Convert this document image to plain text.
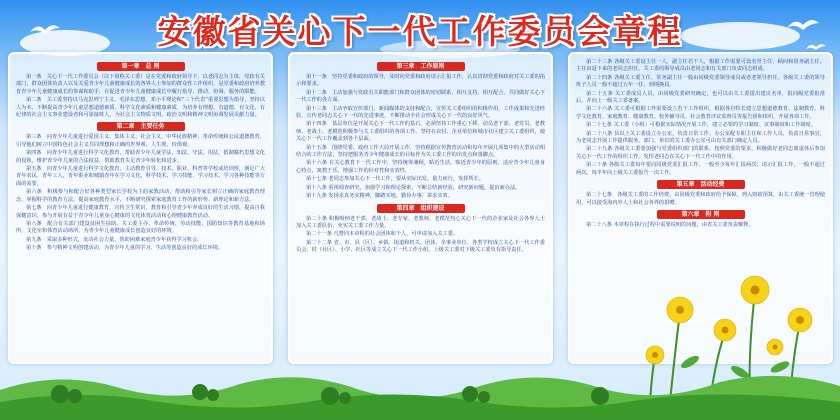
安徽省关心下一代工作委员会章程
第一章　总 则

第一条　关心下一代工作委员会（以下简称关工委）是在党委和政府领导下，以老同志为主体，党政有关部门、群众团体负责人以及关爱青少年儿童健康成长的各界人士参加的群众性工作组织，是党委和政府培养教育青少年儿童健康成长的参谋和助手，在促进青少年儿童健康成长中履行指导、推动、协调、服务的职能。

第二条　关工委坚持以马克思列宁主义、毛泽东思想、邓小平理论和“三个代表”重要思想为指导，坚持以人为本，不断提高青少年儿童思想道德素质、科学文化素质和健康素质，为培养有理想、有道德、有文化、有纪律的社会主义事业建设者和可靠接班人，为社会主义物质文明、政治文明和精神文明协调发展贡献力量。

第二章　主要任务

第三条　向青少年儿童进行爱国主义、集体主义、社会主义、中华民族精神、革命传统和公民道德教育，引导他们树立中国特色社会主义共同理想和正确的世界观、人生观、价值观。

第四条　向青少年儿童进行科学文化教育，帮助青少年儿童学法、知法、守法、用法，抵制腐朽思想文化的侵蚀，维护青少年儿童的合法权益，帮助教育失足青少年转化和进步。

第五条　向青少年儿童进行科学文化教育，主动教育引导、技术、职业、科普等学校或培训班，满足广大青年农民、青年工人，青年职业和城镇青年在学习文化、科学技术、学习技能、学习技术、学习各种技能等方面的需要。

第六条　积极参与和配合好各种类型家长学校为主的家教活动，帮助和引导家长树立正确的家庭教育理念，掌握科学的教育方法，提高家庭教育水平，不断研究探索家庭教育工作的新形势、新理论和新方法。

第七条　向青少年儿童进行健康教育，宣传卫生常识，教育和引导青少年养成良好的生活习惯，提高自我保健意识，参与开展有益于青少年儿童身心健康的文化体育活动和心理健康教育活动。

第八条　配合有关部门建设贫困生扶助、关工委主办、革命传统、劳动技能、国防知识等教育基地和场所，文化室和体育活动场所，为青少年儿童健康成长创造良好的环境。

第九条　采取多种形式，发动社会力量，帮助困难家庭青少年获得学习机会。

第十条　参与精神文明创建活动，为青少年儿童的学习、生活等创造良好的成长环境。

第三章　工作原则

第十一条　坚持党委和政府的领导，及时向党委和政府请示汇报工作，认真贯彻党委和政府对关工委的指示和要求。

第十二条　主动加强与党政有关职能部门和群众团体的密切联系，相互支持，相互配合，共同做好关心下一代工作的各方面。

第十三条　主动争取宣传部门、新闻媒体的支持和配合，宣传关工委组织的积极作用，工作成果和先进经验，宣传老同志关心下一代的先进事迹，不断推动全社会形成关心下一代的良好风气。

第十四条　基层单位是开展关心下一代工作的基石，必须坚持工作重心下移。动员老干部、老党员、老教师、老战士、老模范积极参与关工委组织的各项工作。坚持在农村、企业单位和城市社区建立关工委组织，使关心下一代工作覆盖到各个层面。

第十五条　围绕党委、政府工作大局开展工作，坚持根据宣传教育活动和每年开展几项集中的大型活动相结合的工作方法，坚持把服务青少年健康成长的目标作为关工委工作的出发点和落脚点。

第十六条 在关心教育下一代工作中，坚持统筹兼顾，贴近生活、贴近青少年的原则，适应青少年儿童身心特点，寓教于乐，增强工作的针对性和实效性。

第十七条 老同志参加关心下一代工作，要从实际出发，量力而行，发挥所长。

第十八条 重视调查研究，加强学习和理论探索，不断总结新经验，研究新问题，提出新办法。

第十九条 发扬求真务实精神，脚踏实地，勤俭办事，讲求实效。

第四章　组织建设

第二十条 积极吸纳老干部、老战士、老专家、老教师、老模范热心关心下一代的企业家及社会各界人士加入关工委队伍，充实关工委工作力量。

第二十一条 凡赞同本章程的社会团体和个人，可申请加入关工委。

第二十二条 省、市、县（区）、乡镇、街道和机关、团体、企事业单位、各类学校成立关心下一代工作委员会，村（社区）、小学、社区等成立关心下一代工作小组。上级关工委对下级关工委负有指导责任。

第二十三条 各级关工委设主任一人，副主任若干人，根据工作需要可设名誉主任、顾问和常务副主任。主任由退下来的老同志担任，关工委的领导成员由老同志和有关部门负责同志组成。

第二十四条 各级关工委主任、常务副主任一般由同级党委领导成员或者老领导担任。各级关工委的领导班子人员一般不超过五年一任，到期换届。

第二十五条 关工委成员人员，由同级党委研究确定，也可以由关工委提出建议名单，报同级党委批准后，并向上一级关工委备案。

第二十六条 关工委可根据工作需要设立若干工作组织，根据各自特长建立思想道德教育、法制教育、科学文化教育、家庭教育、健康教育、校外辅导员、社会教育评议监督员等报告团和组织，开展各项工作。

第二十七条 关工委（小组）可根据实际情况开展工作，建立必要的学习制度、议事制度和工作制度。

第二十八条 县以上关工委设立办公室，负责日常工作。办公室配专职主任和工作人员，负责日常事宜，为老同志开展工作提供服务。部门、单位的关工委办公室可由有关部门确定人员。

第二十九条 各级关工委要加强与党委组织部门的联系，按照党委的要求，积极做好老同志离退休后参加关心下一代工作的组织工作，发挥老同志在关心下一代工作中的作用。

第三十条 各级关工委每年要向同级党委汇报工作，一般至少每年汇报两次；请示汇报工作，一般不超过两次。每半年向上级关工委报告一次工作。

第五章　活动经费

第二十七条　各级关工委的工作经费，由同级党委和政府给予保障，列入财政预算，由关工委统一管理使用，可以接受海内外人士和社会各界的捐赠。

第六章　附 则

第二十八条 本章程在执行过程中需要说明的问题，由省关工委负责解释。
